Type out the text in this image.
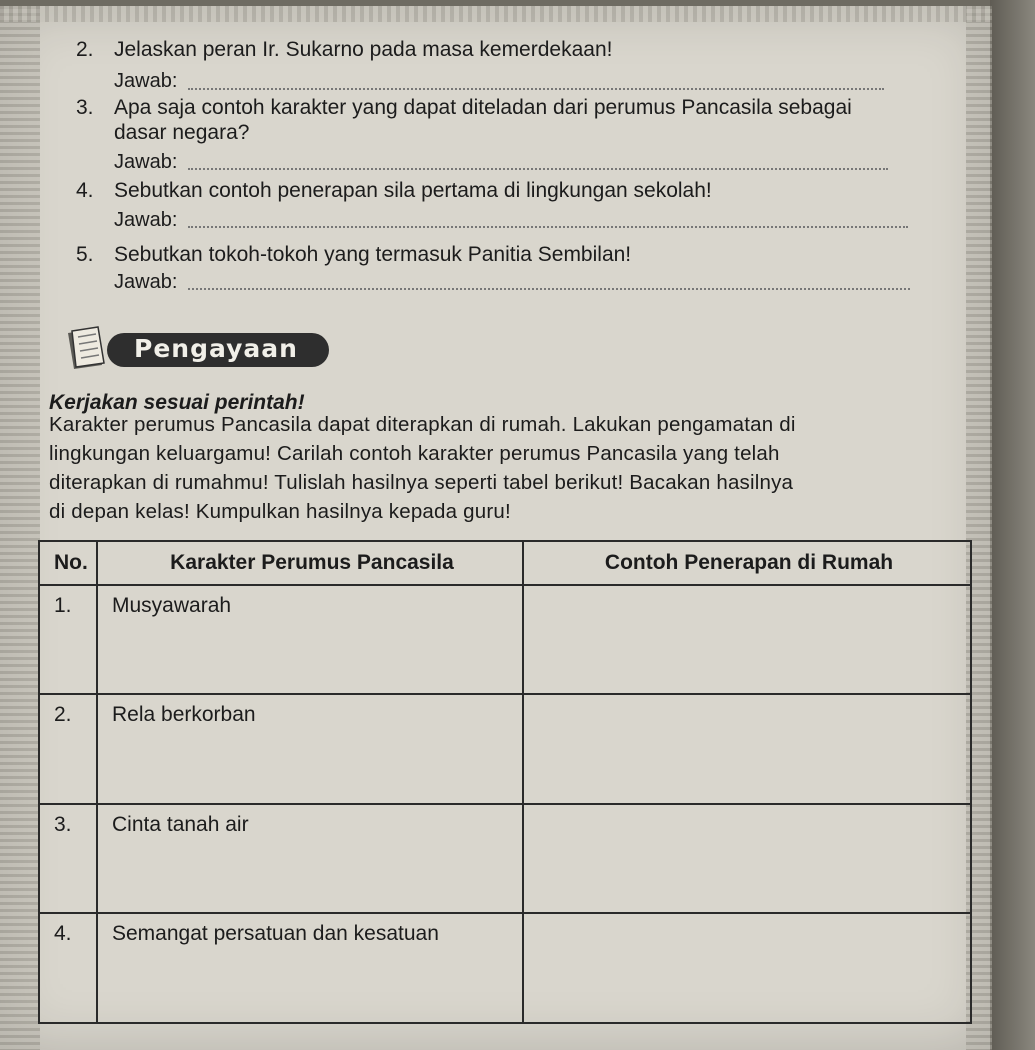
2. Jelaskan peran Ir. Sukarno pada masa kemerdekaan!
Jawab:
3. Apa saja contoh karakter yang dapat diteladan dari perumus Pancasila sebagai
dasar negara?
Jawab:
4. Sebutkan contoh penerapan sila pertama di lingkungan sekolah!
Jawab:
5. Sebutkan tokoh-tokoh yang termasuk Panitia Sembilan!
Jawab:
Pengayaan
Kerjakan sesuai perintah!
Karakter perumus Pancasila dapat diterapkan di rumah. Lakukan pengamatan di
lingkungan keluargamu! Carilah contoh karakter perumus Pancasila yang telah
diterapkan di rumahmu! Tulislah hasilnya seperti tabel berikut! Bacakan hasilnya
di depan kelas! Kumpulkan hasilnya kepada guru!
No.	Karakter Perumus Pancasila	Contoh Penerapan di Rumah
1.	Musyawarah	
2.	Rela berkorban	
3.	Cinta tanah air	
4.	Semangat persatuan dan kesatuan	
